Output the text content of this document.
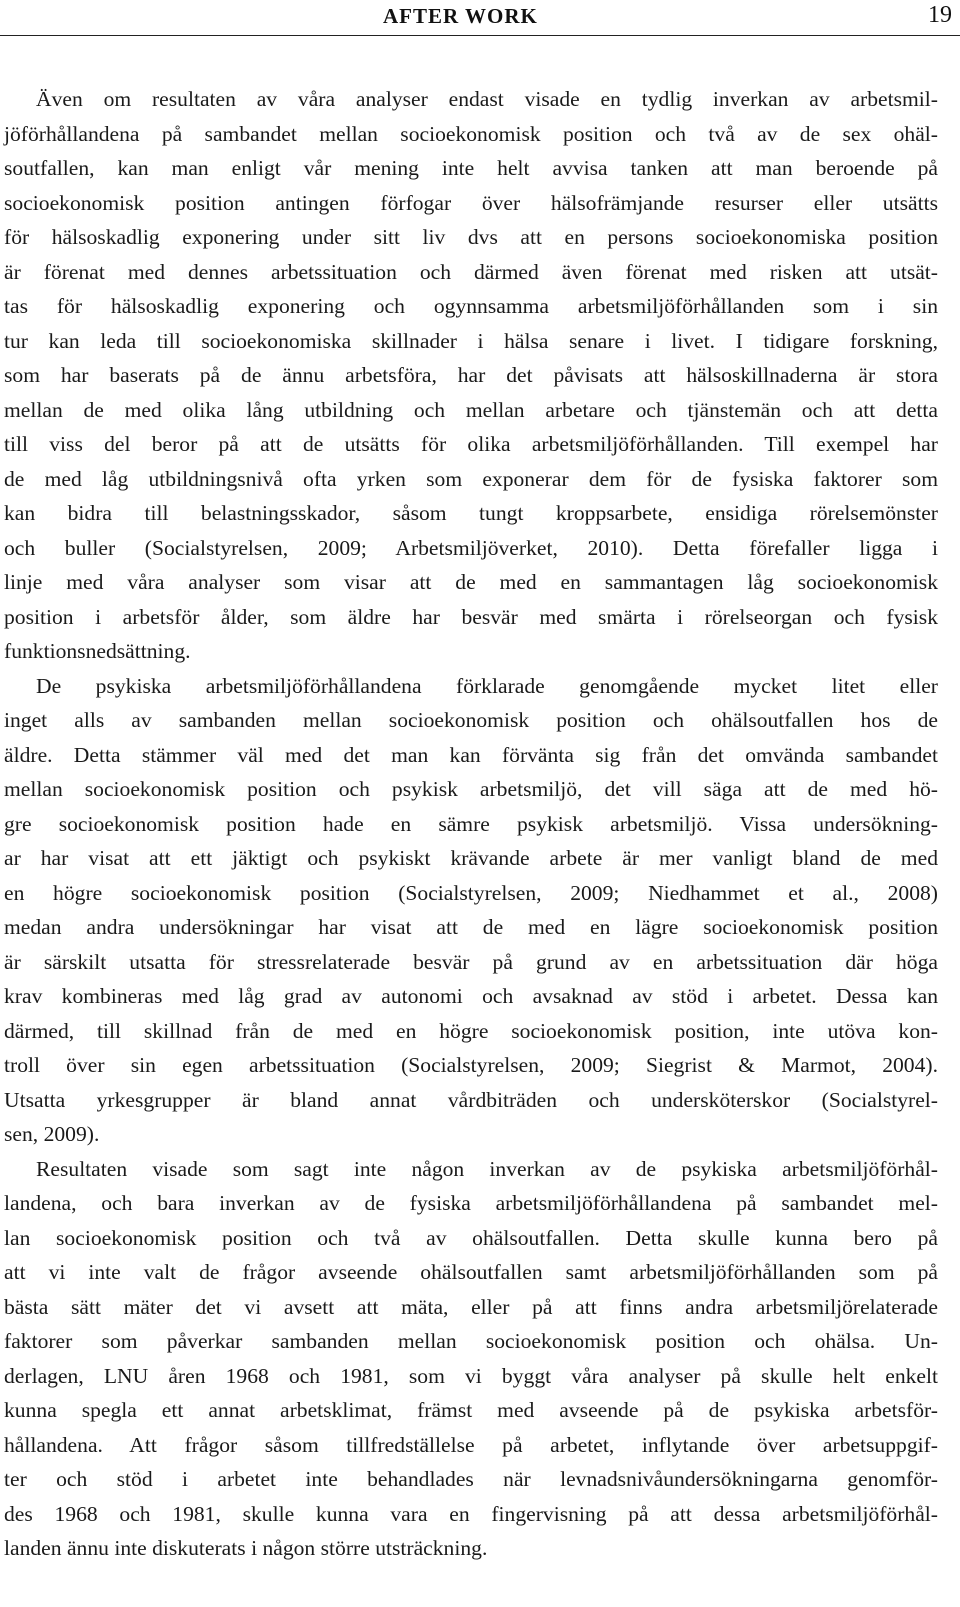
AFTER WORK	19

Även om resultaten av våra analyser endast visade en tydlig inverkan av arbetsmil-
jöförhållandena på sambandet mellan socioekonomisk position och två av de sex ohäl-
soutfallen, kan man enligt vår mening inte helt avvisa tanken att man beroende på
socioekonomisk position antingen förfogar över hälsofrämjande resurser eller utsätts
för hälsoskadlig exponering under sitt liv dvs att en persons socioekonomiska position
är förenat med dennes arbetssituation och därmed även förenat med risken att utsät-
tas för hälsoskadlig exponering och ogynnsamma arbetsmiljöförhållanden som i sin
tur kan leda till socioekonomiska skillnader i hälsa senare i livet. I tidigare forskning,
som har baserats på de ännu arbetsföra, har det påvisats att hälsoskillnaderna är stora
mellan de med olika lång utbildning och mellan arbetare och tjänstemän och att detta
till viss del beror på att de utsätts för olika arbetsmiljöförhållanden. Till exempel har
de med låg utbildningsnivå ofta yrken som exponerar dem för de fysiska faktorer som
kan bidra till belastningsskador, såsom tungt kroppsarbete, ensidiga rörelsemönster
och buller (Socialstyrelsen, 2009; Arbetsmiljöverket, 2010). Detta förefaller ligga i
linje med våra analyser som visar att de med en sammantagen låg socioekonomisk
position i arbetsför ålder, som äldre har besvär med smärta i rörelseorgan och fysisk
funktionsnedsättning.

De psykiska arbetsmiljöförhållandena förklarade genomgående mycket litet eller
inget alls av sambanden mellan socioekonomisk position och ohälsoutfallen hos de
äldre. Detta stämmer väl med det man kan förvänta sig från det omvända sambandet
mellan socioekonomisk position och psykisk arbetsmiljö, det vill säga att de med hö-
gre socioekonomisk position hade en sämre psykisk arbetsmiljö. Vissa undersökning-
ar har visat att ett jäktigt och psykiskt krävande arbete är mer vanligt bland de med
en högre socioekonomisk position (Socialstyrelsen, 2009; Niedhammet et al., 2008)
medan andra undersökningar har visat att de med en lägre socioekonomisk position
är särskilt utsatta för stressrelaterade besvär på grund av en arbetssituation där höga
krav kombineras med låg grad av autonomi och avsaknad av stöd i arbetet. Dessa kan
därmed, till skillnad från de med en högre socioekonomisk position, inte utöva kon-
troll över sin egen arbetssituation (Socialstyrelsen, 2009; Siegrist & Marmot, 2004).
Utsatta yrkesgrupper är bland annat vårdbiträden och undersköterskor (Socialstyrel-
sen, 2009).

Resultaten visade som sagt inte någon inverkan av de psykiska arbetsmiljöförhål-
landena, och bara inverkan av de fysiska arbetsmiljöförhållandena på sambandet mel-
lan socioekonomisk position och två av ohälsoutfallen. Detta skulle kunna bero på
att vi inte valt de frågor avseende ohälsoutfallen samt arbetsmiljöförhållanden som på
bästa sätt mäter det vi avsett att mäta, eller på att finns andra arbetsmiljörelaterade
faktorer som påverkar sambanden mellan socioekonomisk position och ohälsa. Un-
derlagen, LNU åren 1968 och 1981, som vi byggt våra analyser på skulle helt enkelt
kunna spegla ett annat arbetsklimat, främst med avseende på de psykiska arbetsför-
hållandena. Att frågor såsom tillfredställelse på arbetet, inflytande över arbetsuppgif-
ter och stöd i arbetet inte behandlades när levnadsnivåundersökningarna genomför-
des 1968 och 1981, skulle kunna vara en fingervisning på att dessa arbetsmiljöförhål-
landen ännu inte diskuterats i någon större utsträckning.
